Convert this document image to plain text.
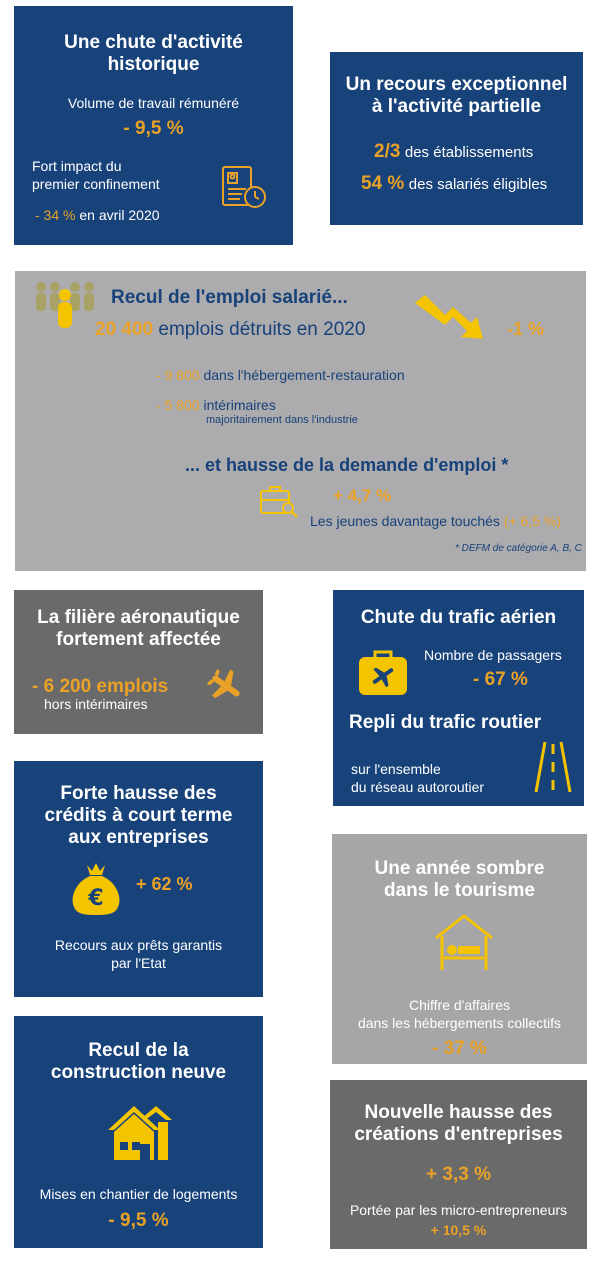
Une chute d'activité
historique
Volume de travail rémunéré
- 9,5 %
Fort impact du
premier confinement
- 34 % en avril 2020
Un recours exceptionnel
à l'activité partielle
2/3 des établissements
54 % des salariés éligibles
Recul de l'emploi salarié...
20 400 emplois détruits en 2020	-1 %
- 9 800 dans l'hébergement-restauration
- 5 800 intérimaires
majoritairement dans l'industrie
... et hausse de la demande d'emploi *
+ 4,7 %
Les jeunes davantage touchés (+ 6,5 %)
* DEFM de catégorie A, B, C
La filière aéronautique
fortement affectée
- 6 200 emplois
hors intérimaires
Chute du trafic aérien
Nombre de passagers
- 67 %
Repli du trafic routier
sur l'ensemble
du réseau autoroutier
Forte hausse des
crédits à court terme
aux entreprises
€
+ 62 %
Recours aux prêts garantis
par l'Etat
Une année sombre
dans le tourisme
Chiffre d'affaires
dans les hébergements collectifs
- 37 %
Recul de la
construction neuve
Mises en chantier de logements
- 9,5 %
Nouvelle hausse des
créations d'entreprises
+ 3,3 %
Portée par les micro-entrepreneurs
+ 10,5 %
